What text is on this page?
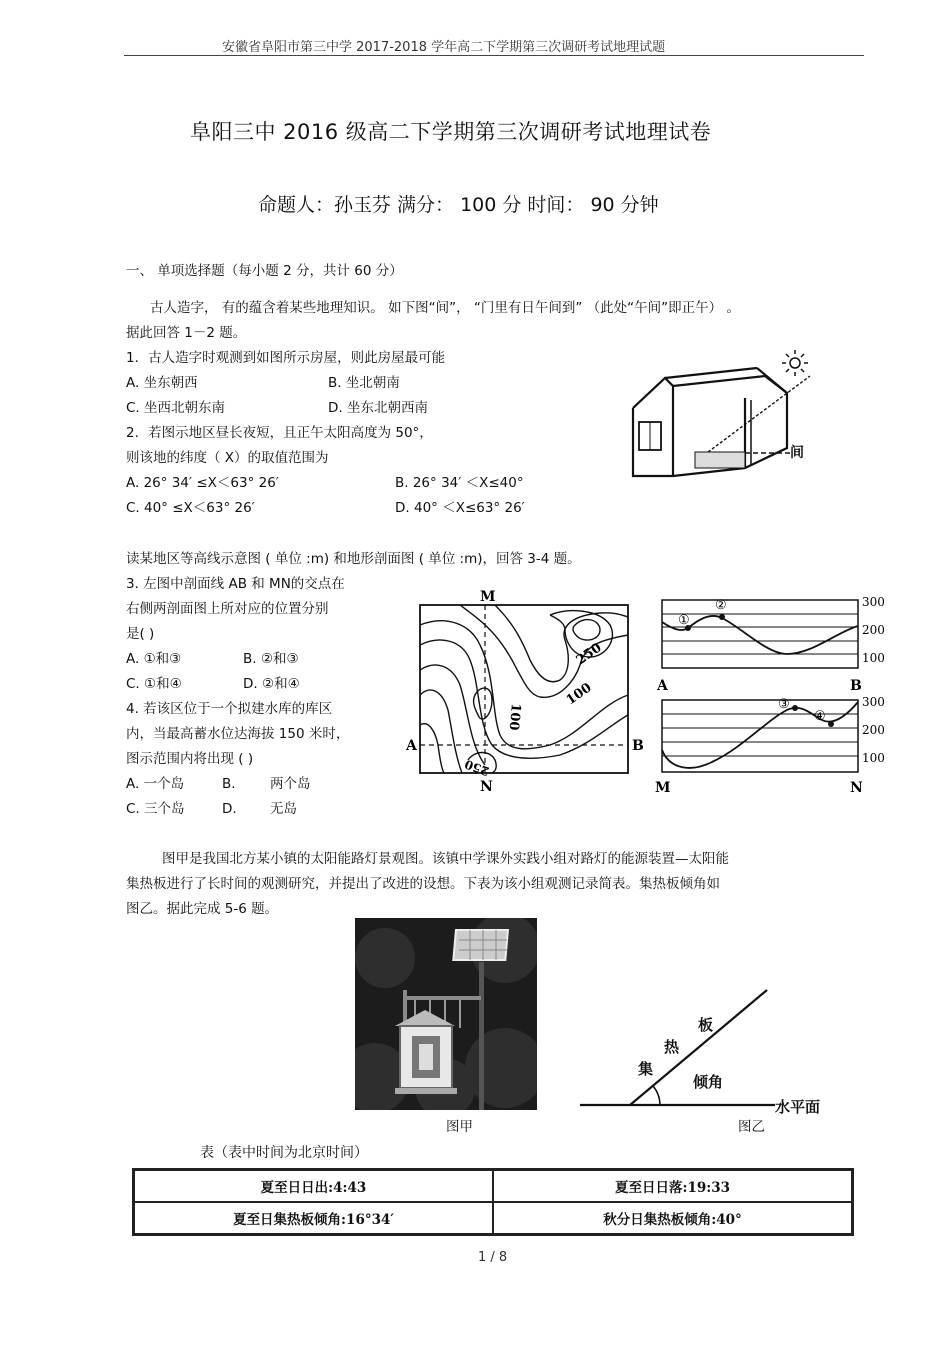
安徽省阜阳市第三中学 2017-2018 学年高二下学期第三次调研考试地理试题
阜阳三中 2016 级高二下学期第三次调研考试地理试卷
命题人：孙玉芬 满分： 100 分 时间： 90 分钟
一、 单项选择题（每小题 2 分，共计 60 分）
古人造字， 有的蕴含着某些地理知识。 如下图“间”， “门里有日午间到” （此处“午间”即正午） 。
据此回答 1－2 题。
1．古人造字时观测到如图所示房屋，则此房屋最可能
A. 坐东朝西	B. 坐北朝南
C. 坐西北朝东南	D. 坐东北朝西南
2．若图示地区昼长夜短，且正午太阳高度为 50°，
则该地的纬度（ X）的取值范围为
A. 26° 34′ ≤X＜63° 26′	B. 26° 34′ ＜X≤40°
C. 40° ≤X＜63° 26′	D. 40° ＜X≤63° 26′
间
读某地区等高线示意图 ( 单位 :m) 和地形剖面图 ( 单位 :m)，回答 3-4 题。
3. 左图中剖面线 AB 和 MN的交点在
右侧两剖面图上所对应的位置分别
是( )
A. ①和③	B. ②和③
C. ①和④	D. ②和④
4. 若该区位于一个拟建水库的库区
内，当最高蓄水位达海拔 150 米时，
图示范围内将出现 ( )
A. 一个岛	B.	两个岛
C. 三个岛	D. 无岛
M
N
A	B
250
100
100
250
①
②	300
200
100
A	B
③
④
300
200
100
M	N
图甲是我国北方某小镇的太阳能路灯景观图。该镇中学课外实践小组对路灯的能源装置—太阳能
集热板进行了长时间的观测研究，并提出了改进的设想。下表为该小组观测记录简表。集热板倾角如
图乙。据此完成 5-6 题。
图甲
板
热
集
倾角
水平面
图乙
表（表中时间为北京时间）
夏至日日出:4:43	夏至日日落:19:33
夏至日集热板倾角:16°34′	秋分日集热板倾角:40°
1 / 8
